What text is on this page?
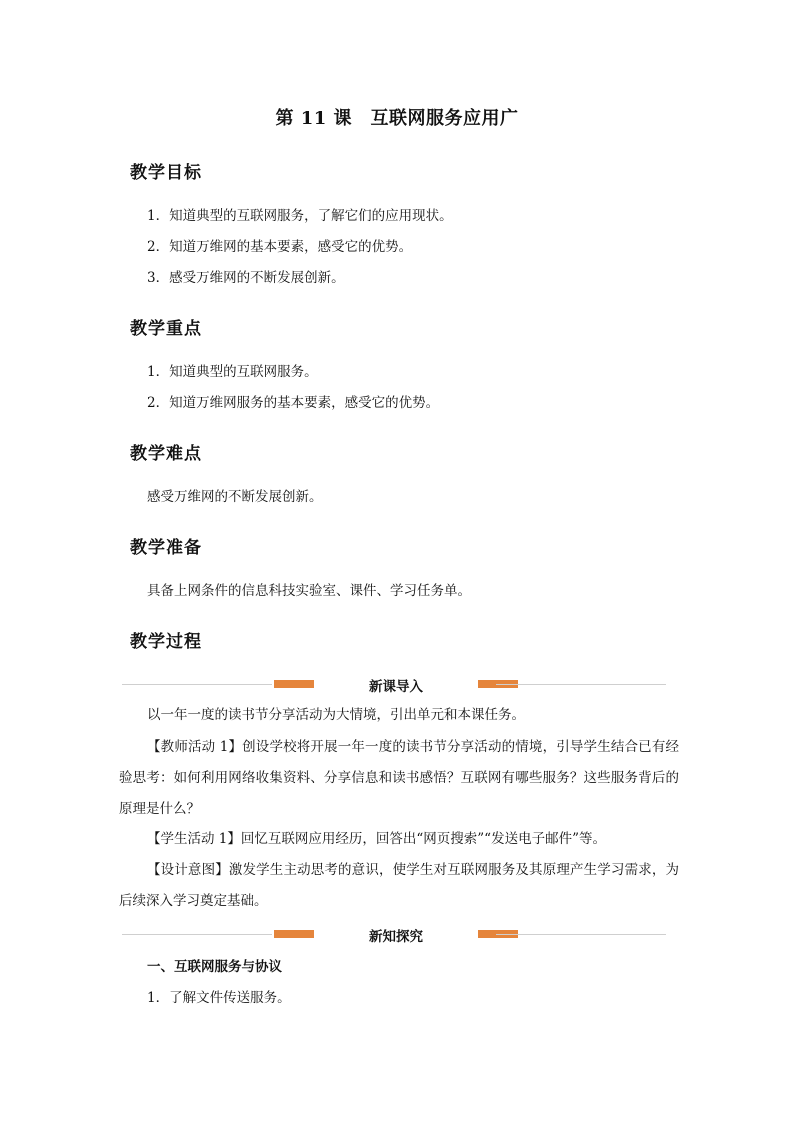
第 11 课　互联网服务应用广
教学目标
1．知道典型的互联网服务，了解它们的应用现状。
2．知道万维网的基本要素，感受它的优势。
3．感受万维网的不断发展创新。
教学重点
1．知道典型的互联网服务。
2．知道万维网服务的基本要素，感受它的优势。
教学难点
感受万维网的不断发展创新。
教学准备
具备上网条件的信息科技实验室、课件、学习任务单。
教学过程
新课导入
以一年一度的读书节分享活动为大情境，引出单元和本课任务。
【教师活动 1】创设学校将开展一年一度的读书节分享活动的情境，引导学生结合已有经验思考：如何利用网络收集资料、分享信息和读书感悟？互联网有哪些服务？这些服务背后的原理是什么？
【学生活动 1】回忆互联网应用经历，回答出“网页搜索”“发送电子邮件”等。
【设计意图】激发学生主动思考的意识，使学生对互联网服务及其原理产生学习需求，为后续深入学习奠定基础。
新知探究
一、互联网服务与协议
1．了解文件传送服务。
